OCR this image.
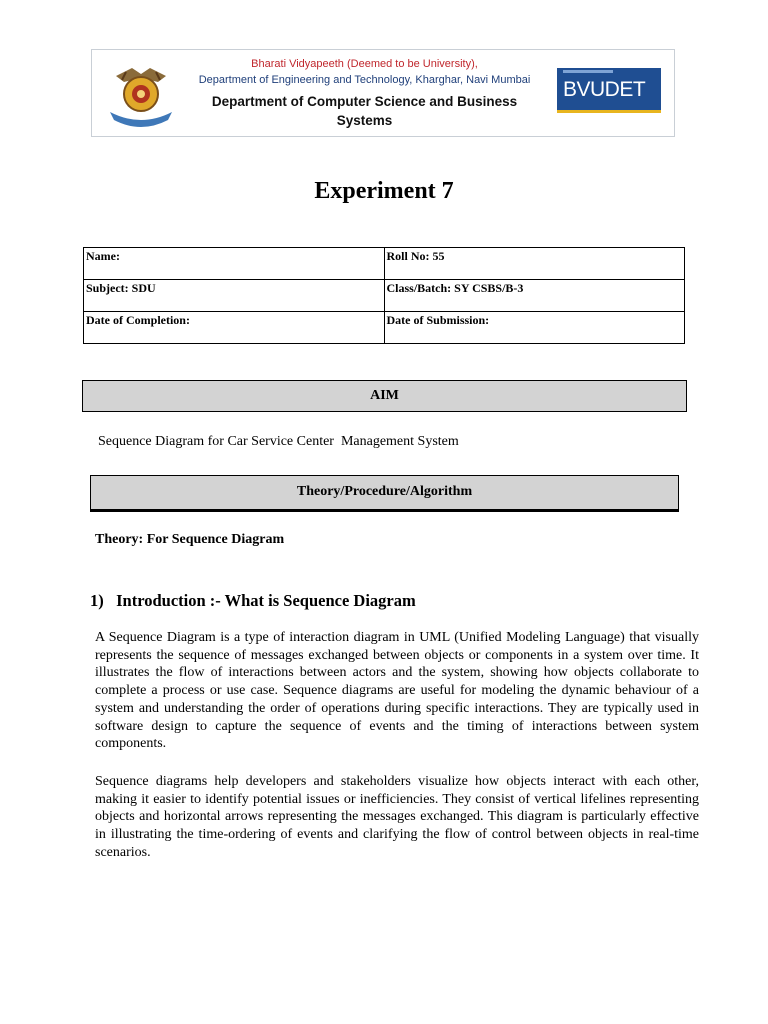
Bharati Vidyapeeth (Deemed to be University),
Department of Engineering and Technology, Kharghar, Navi Mumbai
Department of Computer Science and Business Systems
BVUDET
Experiment 7
Name:	Roll No: 55
Subject: SDU	Class/Batch: SY CSBS/B-3
Date of Completion:	Date of Submission:
AIM
Sequence Diagram for Car Service Center  Management System
Theory/Procedure/Algorithm
Theory: For Sequence Diagram
1) Introduction :- What is Sequence Diagram

A Sequence Diagram is a type of interaction diagram in UML (Unified Modeling Language) that visually represents the sequence of messages exchanged between objects or components in a system over time. It illustrates the flow of interactions between actors and the system, showing how objects collaborate to complete a process or use case. Sequence diagrams are useful for modeling the dynamic behaviour of a system and understanding the order of operations during specific interactions. They are typically used in software design to capture the sequence of events and the timing of interactions between system components.

Sequence diagrams help developers and stakeholders visualize how objects interact with each other, making it easier to identify potential issues or inefficiencies. They consist of vertical lifelines representing objects and horizontal arrows representing the messages exchanged. This diagram is particularly effective in illustrating the time-ordering of events and clarifying the flow of control between objects in real-time scenarios.
